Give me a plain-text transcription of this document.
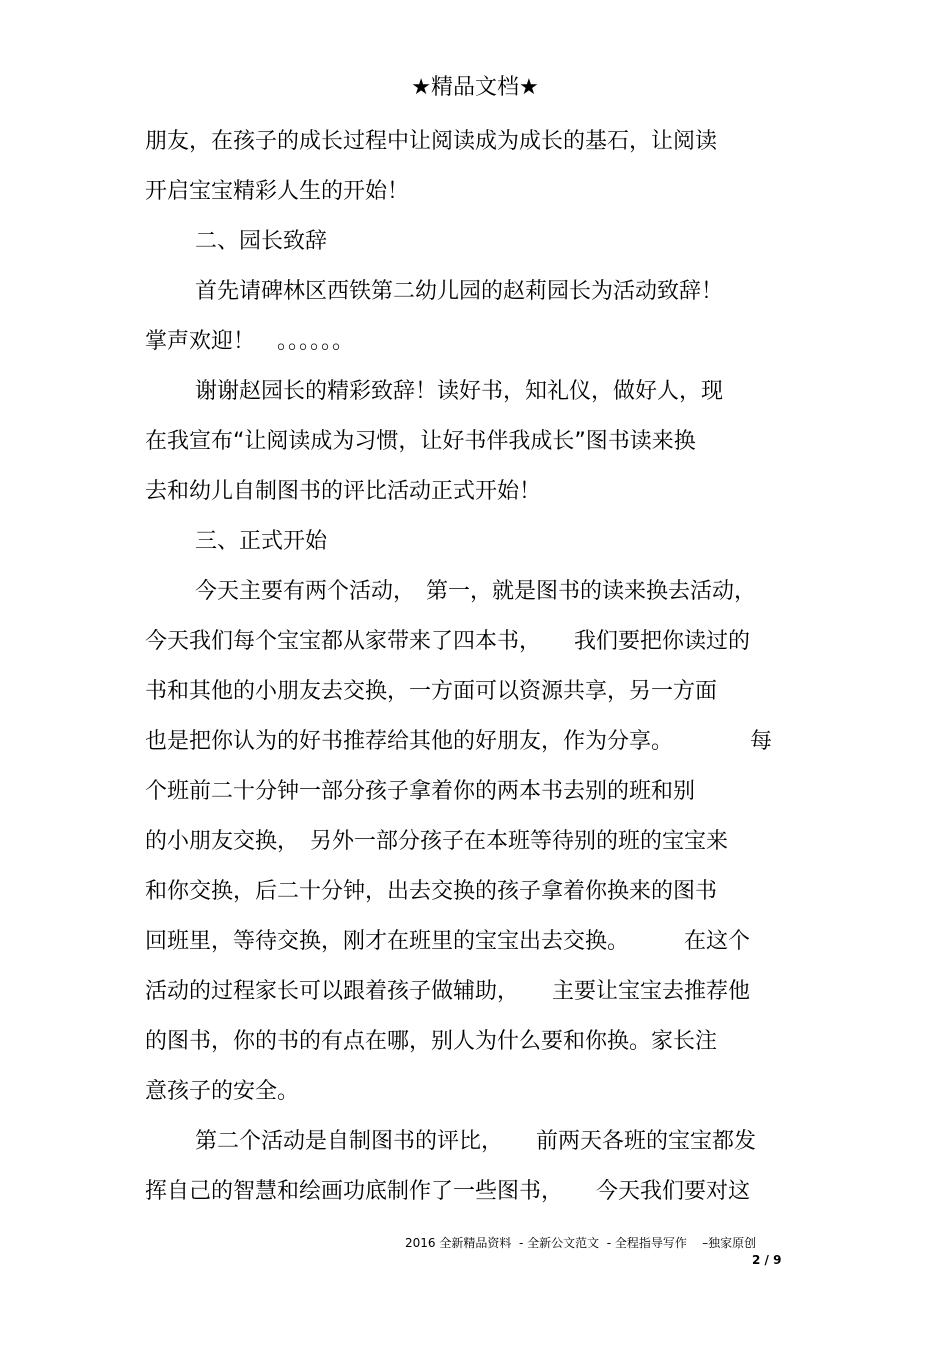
★精品文档★
朋友，在孩子的成长过程中让阅读成为成长的基石，让阅读
开启宝宝精彩人生的开始！
二、园长致辞
首先请碑林区西铁第二幼儿园的赵莉园长为活动致辞！
掌声欢迎！　。。。。。。
谢谢赵园长的精彩致辞！读好书，知礼仪，做好人，现
在我宣布“让阅读成为习惯，让好书伴我成长”图书读来换
去和幼儿自制图书的评比活动正式开始！
三、正式开始
今天主要有两个活动，　第一，就是图书的读来换去活动，
今天我们每个宝宝都从家带来了四本书，　　我们要把你读过的
书和其他的小朋友去交换，一方面可以资源共享，另一方面
也是把你认为的好书推荐给其他的好朋友，作为分享。　　　　每
个班前二十分钟一部分孩子拿着你的两本书去别的班和别
的小朋友交换，　另外一部分孩子在本班等待别的班的宝宝来
和你交换，后二十分钟，出去交换的孩子拿着你换来的图书
回班里，等待交换，刚才在班里的宝宝出去交换。　　　在这个
活动的过程家长可以跟着孩子做辅助，　　主要让宝宝去推荐他
的图书，你的书的有点在哪，别人为什么要和你换。家长注
意孩子的安全。
第二个活动是自制图书的评比，　　前两天各班的宝宝都发
挥自己的智慧和绘画功底制作了一些图书，　　今天我们要对这
2016 全新精品资料  - 全新公文范文  - 全程指导写作    –独家原创
2 / 9
